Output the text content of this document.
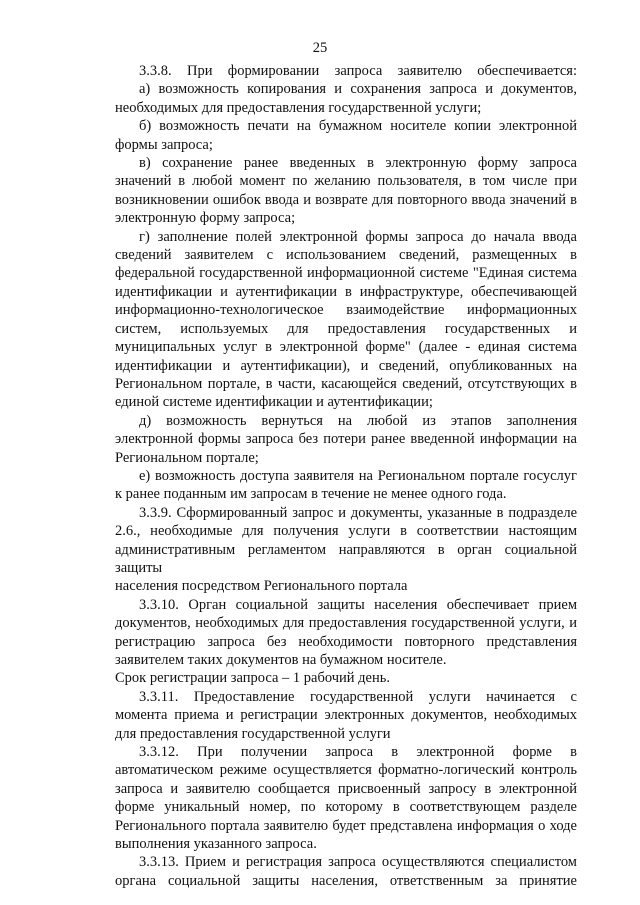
25

3.3.8. При формировании запроса заявителю обеспечивается:

а) возможность копирования и сохранения запроса и документов,

необходимых для предоставления государственной услуги;

б) возможность печати на бумажном носителе копии электронной

формы запроса;

в) сохранение ранее введенных в электронную форму запроса

значений в любой момент по желанию пользователя, в том числе при

возникновении ошибок ввода и возврате для повторного ввода значений в

электронную форму запроса;

г) заполнение полей электронной формы запроса до начала ввода

сведений заявителем с использованием сведений, размещенных в

федеральной государственной информационной системе "Единая система

идентификации и аутентификации в инфраструктуре, обеспечивающей

информационно-технологическое взаимодействие информационных

систем, используемых для предоставления государственных и

муниципальных услуг в электронной форме" (далее - единая система

идентификации и аутентификации), и сведений, опубликованных на

Региональном портале, в части, касающейся сведений, отсутствующих в

единой системе идентификации и аутентификации;

д) возможность вернуться на любой из этапов заполнения

электронной формы запроса без потери ранее введенной информации на

Региональном портале;

е) возможность доступа заявителя на Региональном портале госуслуг

к ранее поданным им запросам в течение не менее одного года.

3.3.9. Сформированный запрос и документы, указанные в подразделе

2.6., необходимые для получения услуги в соответствии настоящим

административным регламентом направляются в орган социальной защиты

населения посредством Регионального портала

3.3.10. Орган социальной защиты населения обеспечивает прием

документов, необходимых для предоставления государственной услуги, и

регистрацию запроса без необходимости повторного представления

заявителем таких документов на бумажном носителе.

Срок регистрации запроса – 1 рабочий день.

3.3.11. Предоставление государственной услуги начинается с

момента приема и регистрации электронных документов, необходимых

для предоставления государственной услуги

3.3.12. При получении запроса в электронной форме в

автоматическом режиме осуществляется форматно-логический контроль

запроса и заявителю сообщается присвоенный запросу в электронной

форме уникальный номер, по которому в соответствующем разделе

Регионального портала заявителю будет представлена информация о ходе

выполнения указанного запроса.

3.3.13. Прием и регистрация запроса осуществляются специалистом

органа социальной защиты населения, ответственным за принятие
